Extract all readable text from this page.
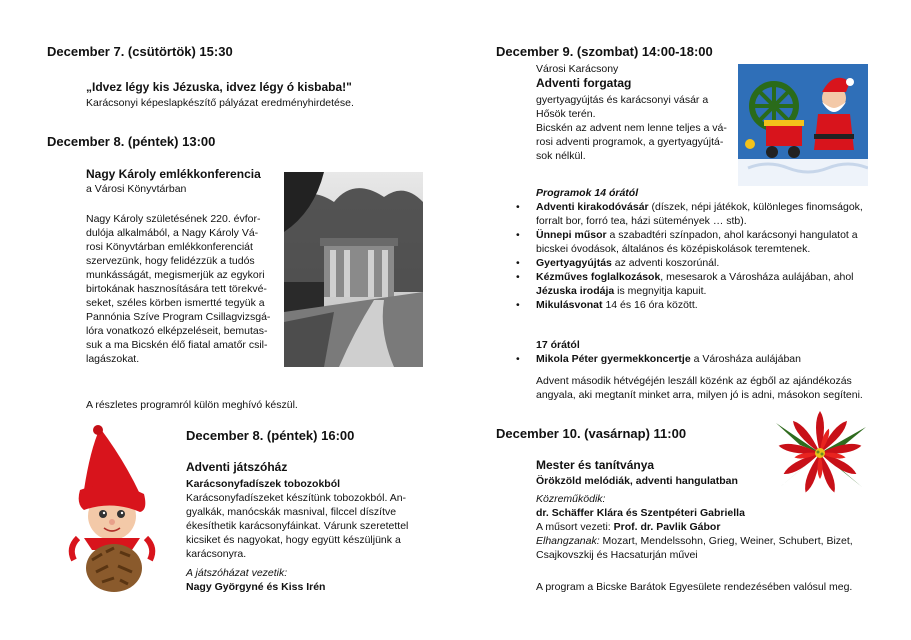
December 7. (csütörtök) 15:30
„Idvez légy kis Jézuska, idvez légy ó kisbaba!"
Karácsonyi képeslapkészítő pályázat eredményhirdetése.
December 8. (péntek) 13:00
Nagy Károly emlékkonferencia
a Városi Könyvtárban
Nagy Károly születésének 220. évfor-
dulója alkalmából, a Nagy Károly Vá-
rosi Könyvtárban emlékkonferenciát
szervezünk, hogy felidézzük a tudós
munkásságát, megismerjük az egykori
birtokának hasznosítására tett törekvé-
seket, széles körben ismertté tegyük a
Pannónia Szíve Program Csillagvizsgá-
lóra vonatkozó elképzeléseit, bemutas-
suk a ma Bicskén élő fiatal amatőr csil-
lagászokat.
A részletes programról külön meghívó készül.
December 8. (péntek) 16:00
Adventi játszóház
Karácsonyfadíszek tobozokból
Karácsonyfadíszeket készítünk tobozokból. An-
gyalkák, manócskák masnival, filccel díszítve
ékesíthetik karácsonyfáinkat. Várunk szeretettel
kicsiket és nagyokat, hogy együtt készüljünk a
karácsonyra.
A játszóházat vezetik:
Nagy Györgyné és Kiss Irén
December 9. (szombat) 14:00-18:00
Városi Karácsony
Adventi forgatag
gyertyagyújtás és karácsonyi vásár a
Hősök terén.
Bicskén az advent nem lenne teljes a vá-
rosi adventi programok, a gyertyagyújtá-
sok nélkül.
Programok 14 órától
• Adventi kirakodóvásár (díszek, népi játékok, különleges finomságok,
forralt bor, forró tea, házi sütemények … stb).
• Ünnepi műsor a szabadtéri színpadon, ahol karácsonyi hangulatot a
bicskei óvodások, általános és középiskolások teremtenek.
• Gyertyagyújtás az adventi koszorúnál.
• Kézműves foglalkozások, mesesarok a Városháza aulájában, ahol
Jézuska irodája is megnyitja kapuit.
• Mikulásvonat 14 és 16 óra között.
17 órától
• Mikola Péter gyermekkoncertje a Városháza aulájában
Advent második hétvégéjén leszáll közénk az égből az ajándékozás
angyala, aki megtanít minket arra, milyen jó is adni, másokon segíteni.
December 10. (vasárnap) 11:00
Mester és tanítványa
Örökzöld melódiák, adventi hangulatban
Közreműködik:
dr. Schäffer Klára és Szentpéteri Gabriella
A műsort vezeti: Prof. dr. Pavlik Gábor
Elhangzanak: Mozart, Mendelssohn, Grieg, Weiner, Schubert, Bizet,
Csajkovszkij és Hacsaturján művei
A program a Bicske Barátok Egyesülete rendezésében valósul meg.
